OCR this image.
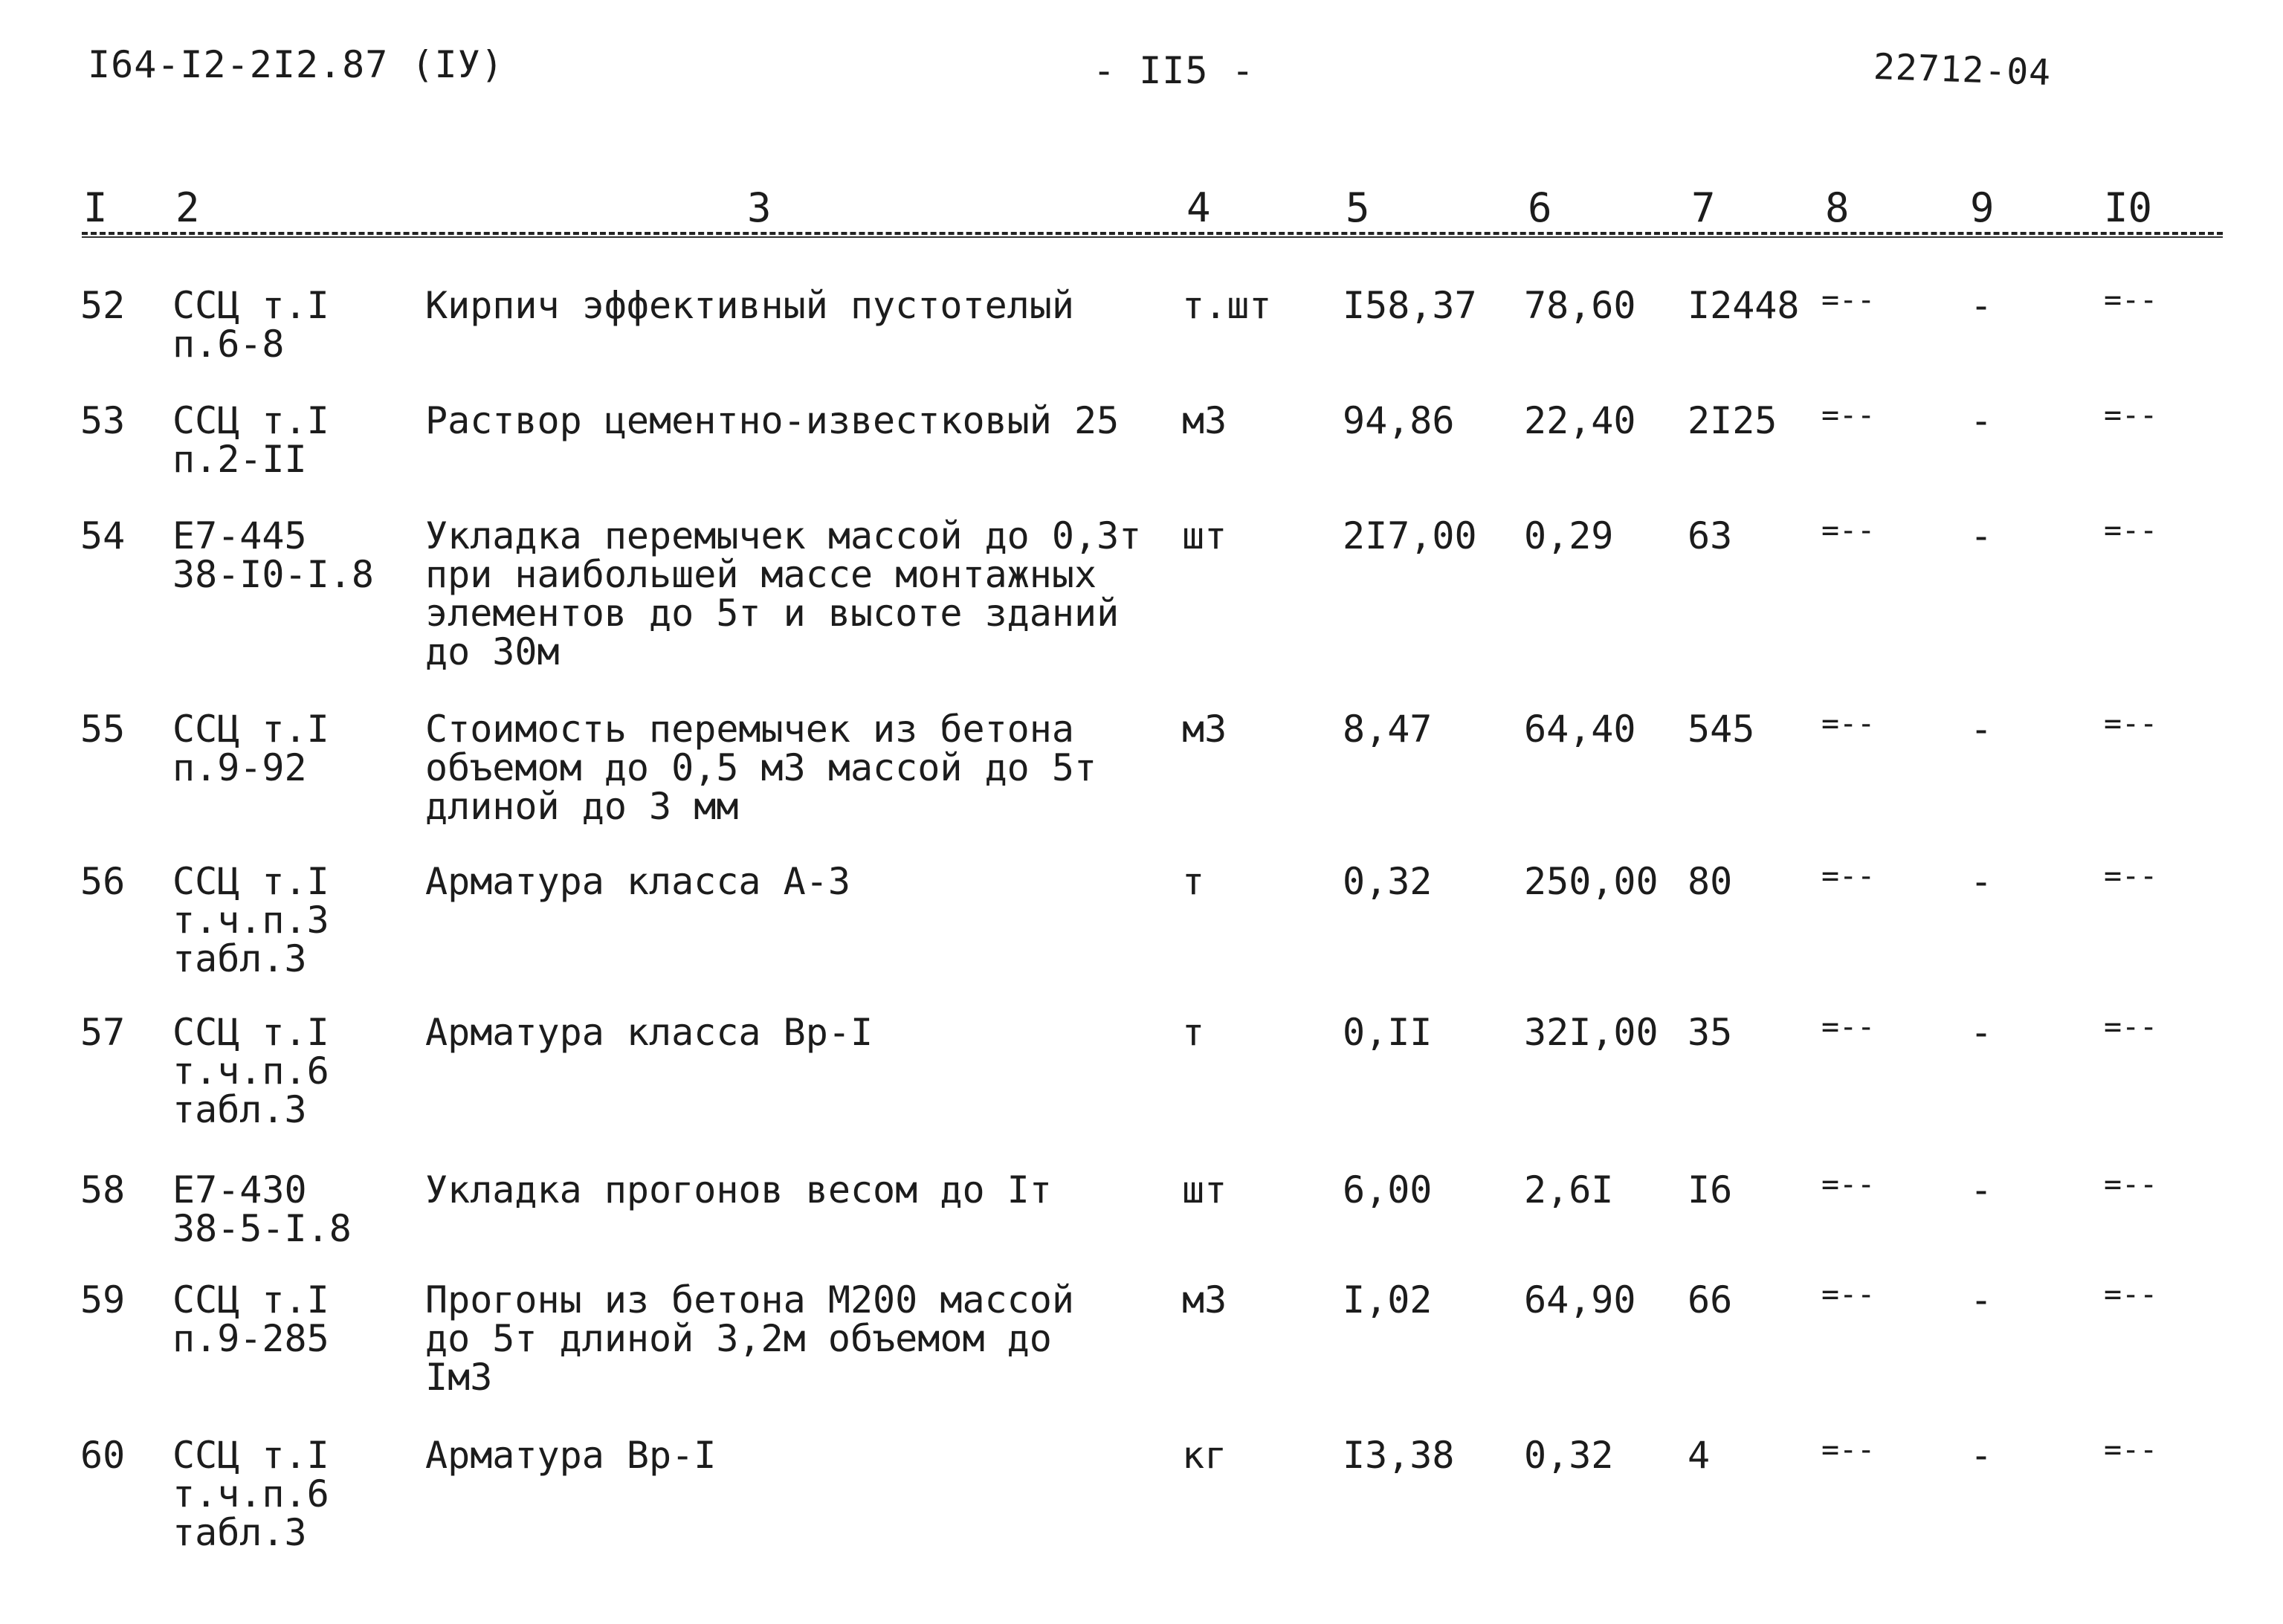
I64-I2-2I2.87 (IУ)	- II5 -	22712-04
I 2	3	4	5	6	7	8	9	I0
52 ССЦ т.I
п.6-8
Кирпич эффективный пустотелый	т.шт I58,37 78,60 I2448 =--	-	=--
53 ССЦ т.I
п.2-II
Раствор цементно-известковый 25 м3	94,86 22,40 2I25 =--	-	=--
54 Е7-445
38-I0-I.8
Укладка перемычек массой до 0,3т
при наибольшей массе монтажных
элементов до 5т и высоте зданий
до 30м
шт	2I7,00 0,29 63	=--	-	=--
55 ССЦ т.I
п.9-92
Стоимость перемычек из бетона
объемом до 0,5 м3 массой до 5т
длиной до 3 мм
м3	8,47 64,40 545 =--	-	=--
56 ССЦ т.I
т.ч.п.3
табл.3
Арматура класса А-3	т	0,32 250,00 80	=--	-	=--
57 ССЦ т.I
т.ч.п.6
табл.3
Арматура класса Вр-I	т	0,II 32I,00 35	=--	-	=--
58 Е7-430
38-5-I.8
Укладка прогонов весом до Iт	шт	6,00 2,6I I6	=--	-	=--
59 ССЦ т.I
п.9-285
Прогоны из бетона М200 массой
до 5т длиной 3,2м объемом до
Iм3
м3	I,02 64,90 66	=--	-	=--
60 ССЦ т.I
т.ч.п.6
табл.3
Арматура Вр-I	кг	I3,38 0,32 4	=--	-	=--
